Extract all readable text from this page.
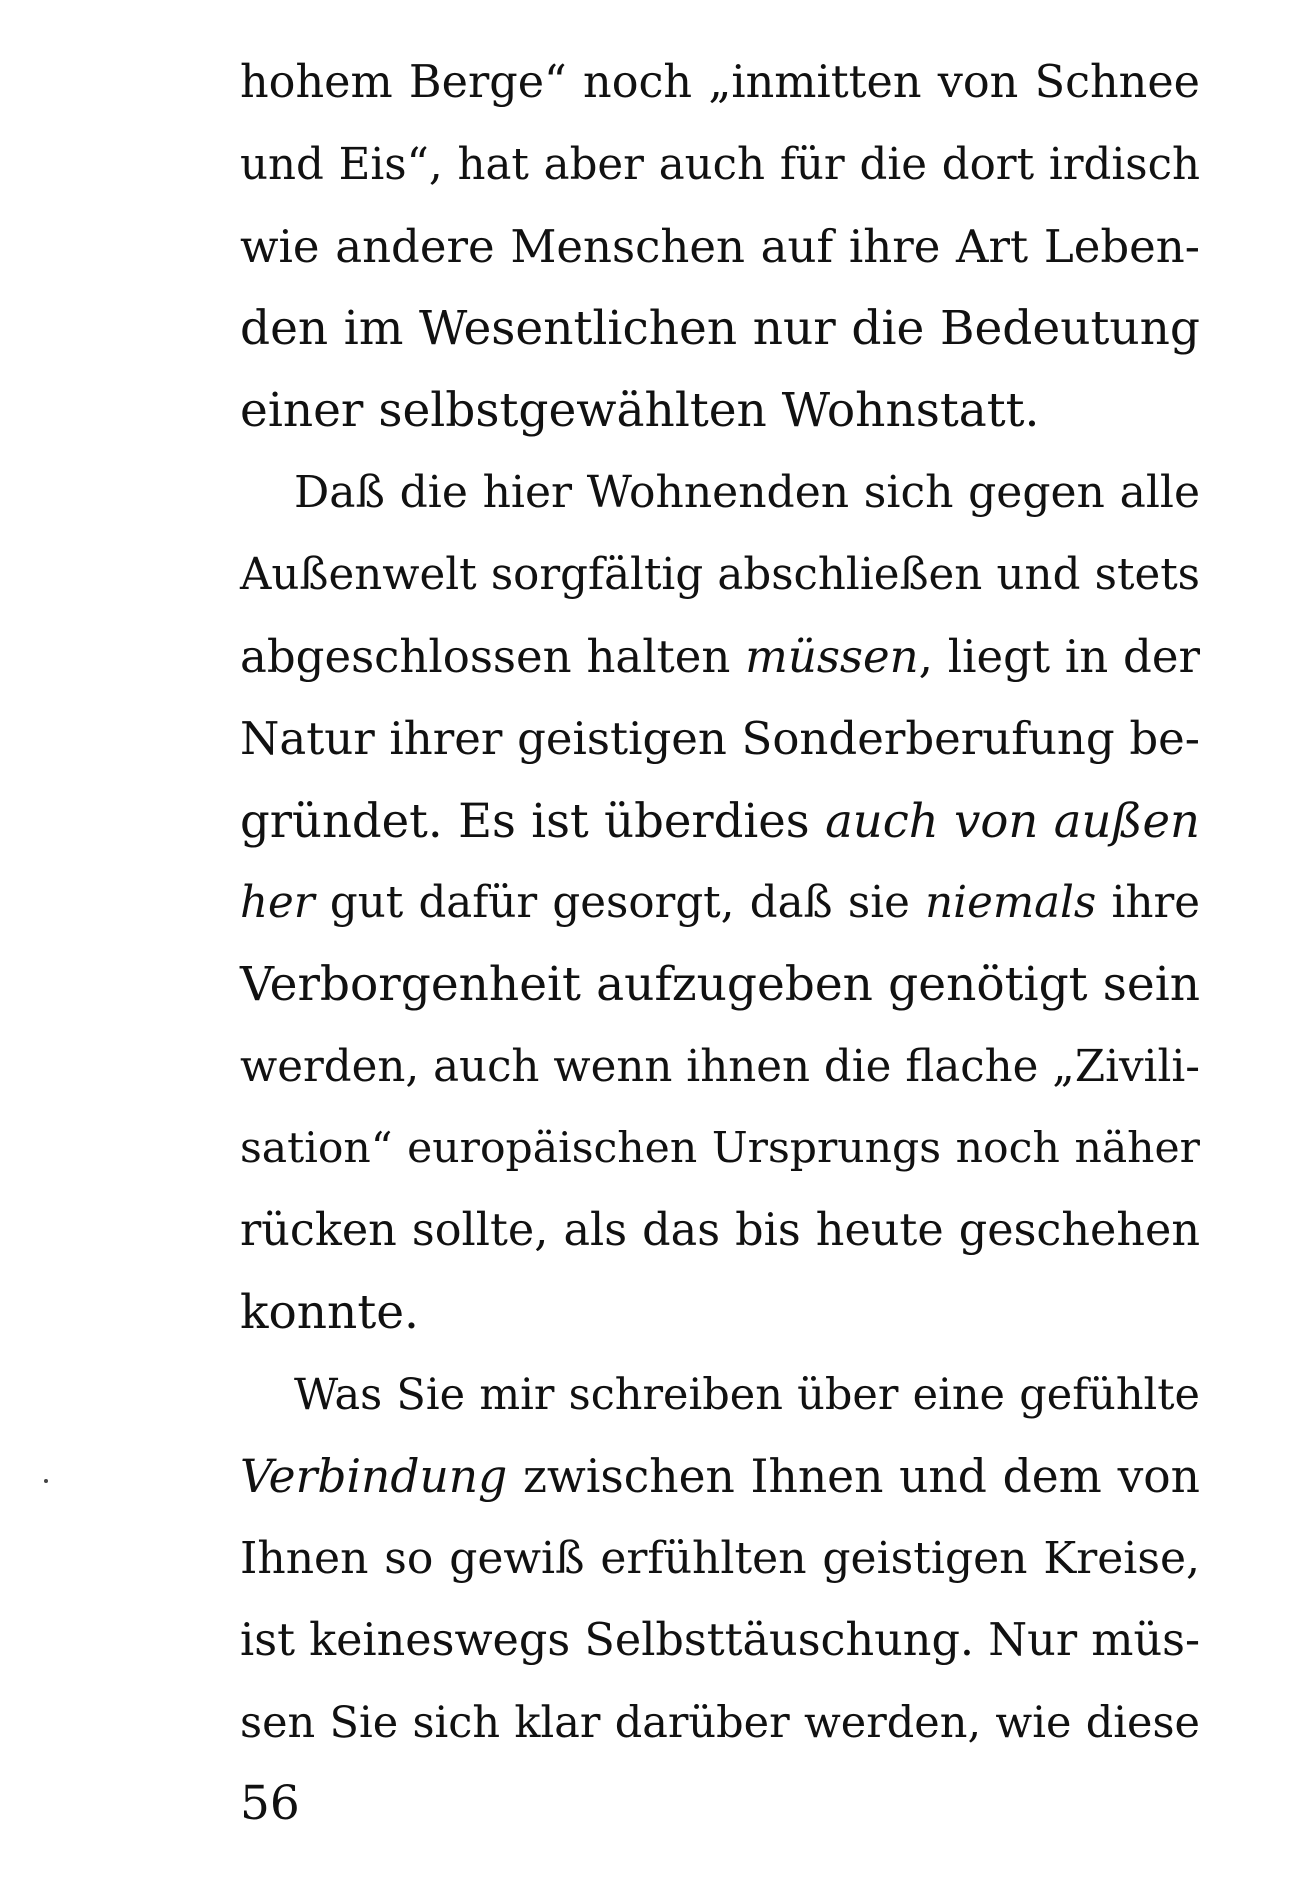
hohem Berge“ noch „inmitten von Schnee
und Eis“, hat aber auch für die dort irdisch
wie andere Menschen auf ihre Art Leben-
den im Wesentlichen nur die Bedeutung
einer selbstgewählten Wohnstatt.
Daß die hier Wohnenden sich gegen alle
Außenwelt sorgfältig abschließen und stets
abgeschlossen halten müssen, liegt in der
Natur ihrer geistigen Sonderberufung be-
gründet. Es ist überdies auch von außen
her gut dafür gesorgt, daß sie niemals ihre
Verborgenheit aufzugeben genötigt sein
werden, auch wenn ihnen die flache „Zivili-
sation“ europäischen Ursprungs noch näher
rücken sollte, als das bis heute geschehen
konnte.
Was Sie mir schreiben über eine gefühlte
Verbindung zwischen Ihnen und dem von
Ihnen so gewiß erfühlten geistigen Kreise,
ist keineswegs Selbsttäuschung. Nur müs-
sen Sie sich klar darüber werden, wie diese
56
